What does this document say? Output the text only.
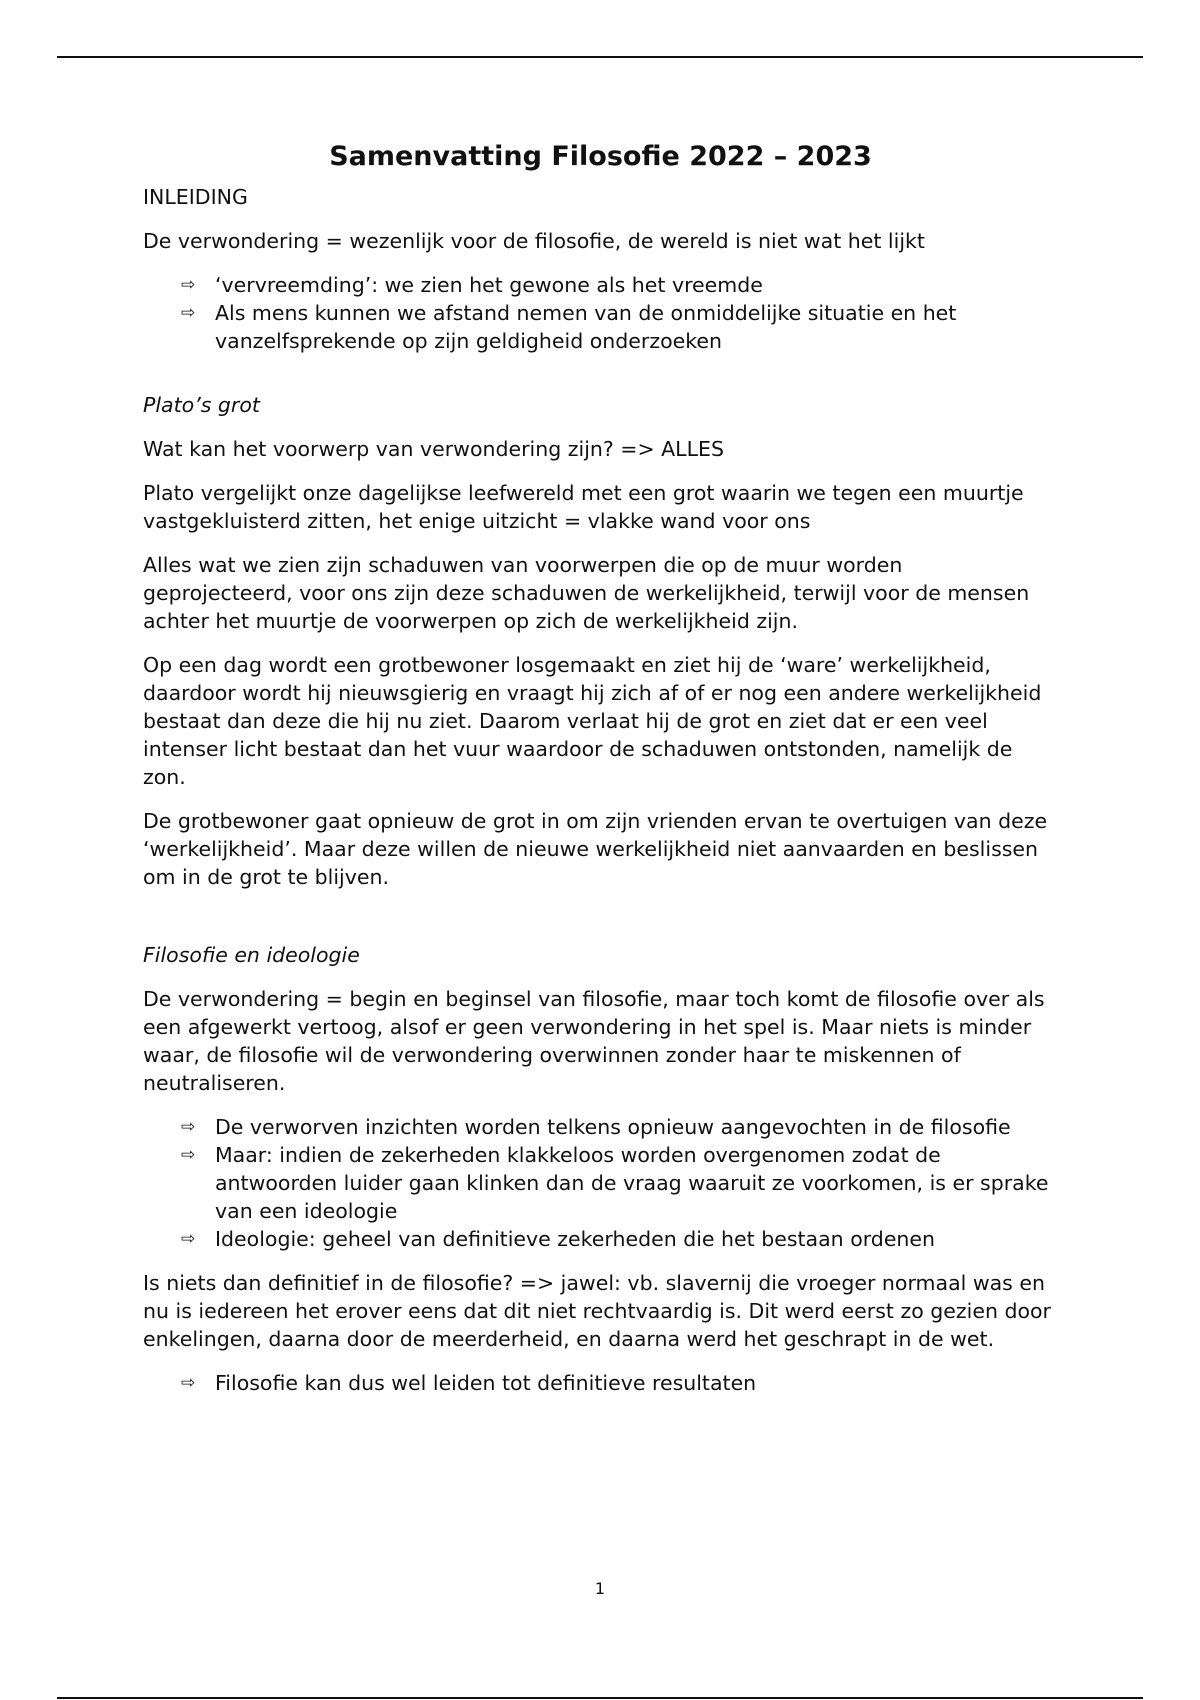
Samenvatting Filosofie 2022 – 2023

INLEIDING

De verwondering = wezenlijk voor de filosofie, de wereld is niet wat het lijkt

⇨ ‘vervreemding’: we zien het gewone als het vreemde
⇨ Als mens kunnen we afstand nemen van de onmiddelijke situatie en het vanzelfsprekende op zijn geldigheid onderzoeken

Plato’s grot

Wat kan het voorwerp van verwondering zijn? => ALLES

Plato vergelijkt onze dagelijkse leefwereld met een grot waarin we tegen een muurtje vastgekluisterd zitten, het enige uitzicht = vlakke wand voor ons

Alles wat we zien zijn schaduwen van voorwerpen die op de muur worden geprojecteerd, voor ons zijn deze schaduwen de werkelijkheid, terwijl voor de mensen achter het muurtje de voorwerpen op zich de werkelijkheid zijn.

Op een dag wordt een grotbewoner losgemaakt en ziet hij de ‘ware’ werkelijkheid, daardoor wordt hij nieuwsgierig en vraagt hij zich af of er nog een andere werkelijkheid bestaat dan deze die hij nu ziet. Daarom verlaat hij de grot en ziet dat er een veel intenser licht bestaat dan het vuur waardoor de schaduwen ontstonden, namelijk de zon.

De grotbewoner gaat opnieuw de grot in om zijn vrienden ervan te overtuigen van deze ‘werkelijkheid’. Maar deze willen de nieuwe werkelijkheid niet aanvaarden en beslissen om in de grot te blijven.

Filosofie en ideologie

De verwondering = begin en beginsel van filosofie, maar toch komt de filosofie over als een afgewerkt vertoog, alsof er geen verwondering in het spel is. Maar niets is minder waar, de filosofie wil de verwondering overwinnen zonder haar te miskennen of neutraliseren.

⇨ De verworven inzichten worden telkens opnieuw aangevochten in de filosofie
⇨ Maar: indien de zekerheden klakkeloos worden overgenomen zodat de antwoorden luider gaan klinken dan de vraag waaruit ze voorkomen, is er sprake van een ideologie
⇨ Ideologie: geheel van definitieve zekerheden die het bestaan ordenen

Is niets dan definitief in de filosofie? => jawel: vb. slavernij die vroeger normaal was en nu is iedereen het erover eens dat dit niet rechtvaardig is. Dit werd eerst zo gezien door enkelingen, daarna door de meerderheid, en daarna werd het geschrapt in de wet.

⇨ Filosofie kan dus wel leiden tot definitieve resultaten
1
